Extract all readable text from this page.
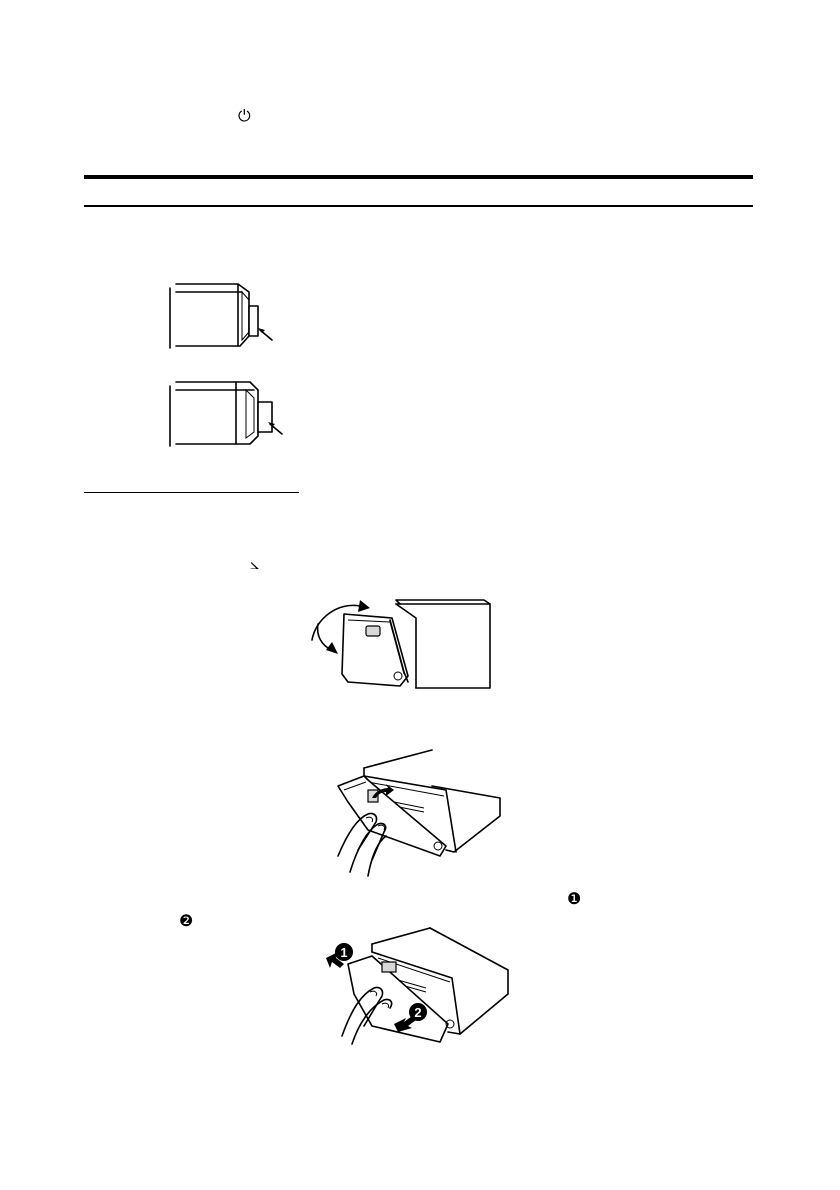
⏻
⦣
❶
❷
1
2
